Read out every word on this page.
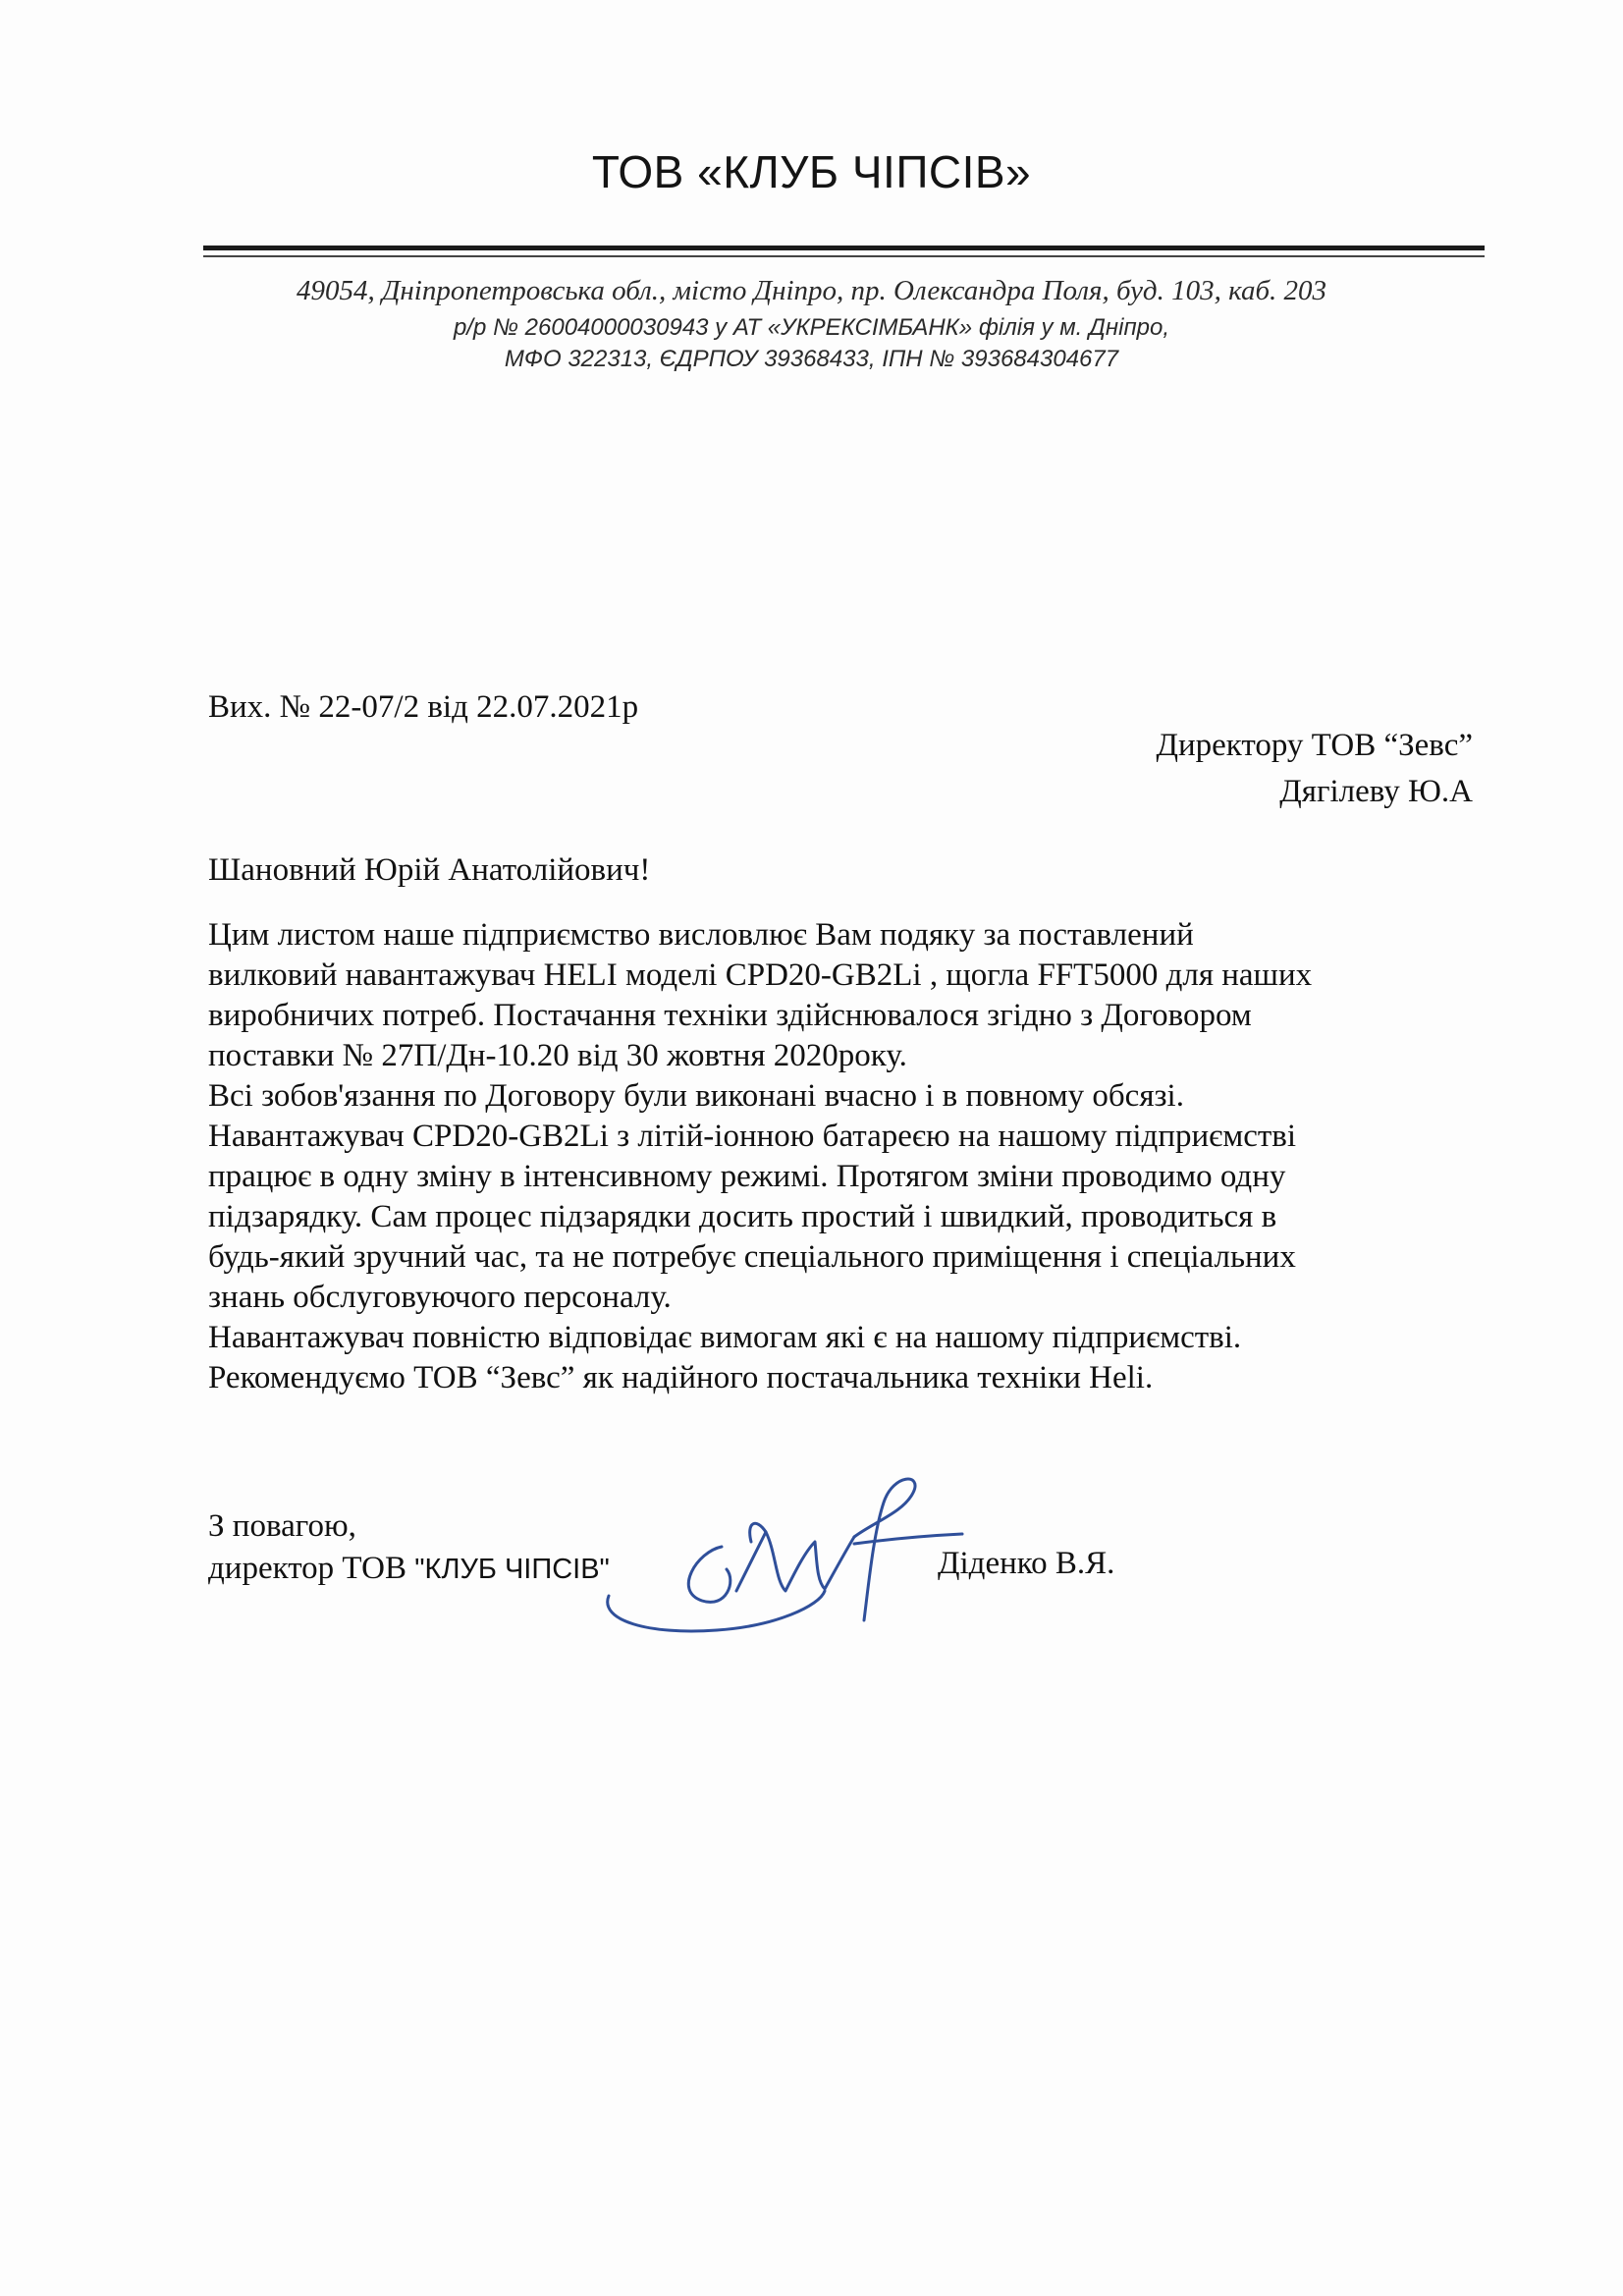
ТОВ «КЛУБ ЧІПСІВ»
49054, Дніпропетровська обл., місто Дніпро, пр. Олександра Поля, буд. 103, каб. 203
р/р № 26004000030943 у АТ «УКРЕКСІМБАНК» філія у м. Дніпро,
МФО 322313, ЄДРПОУ 39368433, ІПН № 393684304677
Вих. № 22-07/2 від 22.07.2021р
Директору ТОВ “Зевс”
Дягілеву Ю.А
Шановний Юрій Анатолійович!
Цим листом наше підприємство висловлює Вам подяку за поставлений
вилковий навантажувач HELI моделі CPD20-GB2Li , щогла FFT5000 для наших
виробничих потреб. Постачання техніки здійснювалося згідно з Договором
поставки № 27П/Дн-10.20 від 30 жовтня 2020року.
Всі зобов'язання по Договору були виконані вчасно і в повному обсязі.
Навантажувач CPD20-GB2Li з літій-іонною батареєю на нашому підприємстві
працює в одну зміну в інтенсивному режимі. Протягом зміни проводимо одну
підзарядку. Сам процес підзарядки досить простий і швидкий, проводиться в
будь-який зручний час, та не потребує спеціального приміщення і спеціальних
знань обслуговуючого персоналу.
Навантажувач повністю відповідає вимогам які є на нашому підприємстві.
Рекомендуємо ТОВ “Зевс” як надійного постачальника техніки Heli.
З повагою,
директор ТОВ "КЛУБ ЧІПСІВ"	Діденко В.Я.
